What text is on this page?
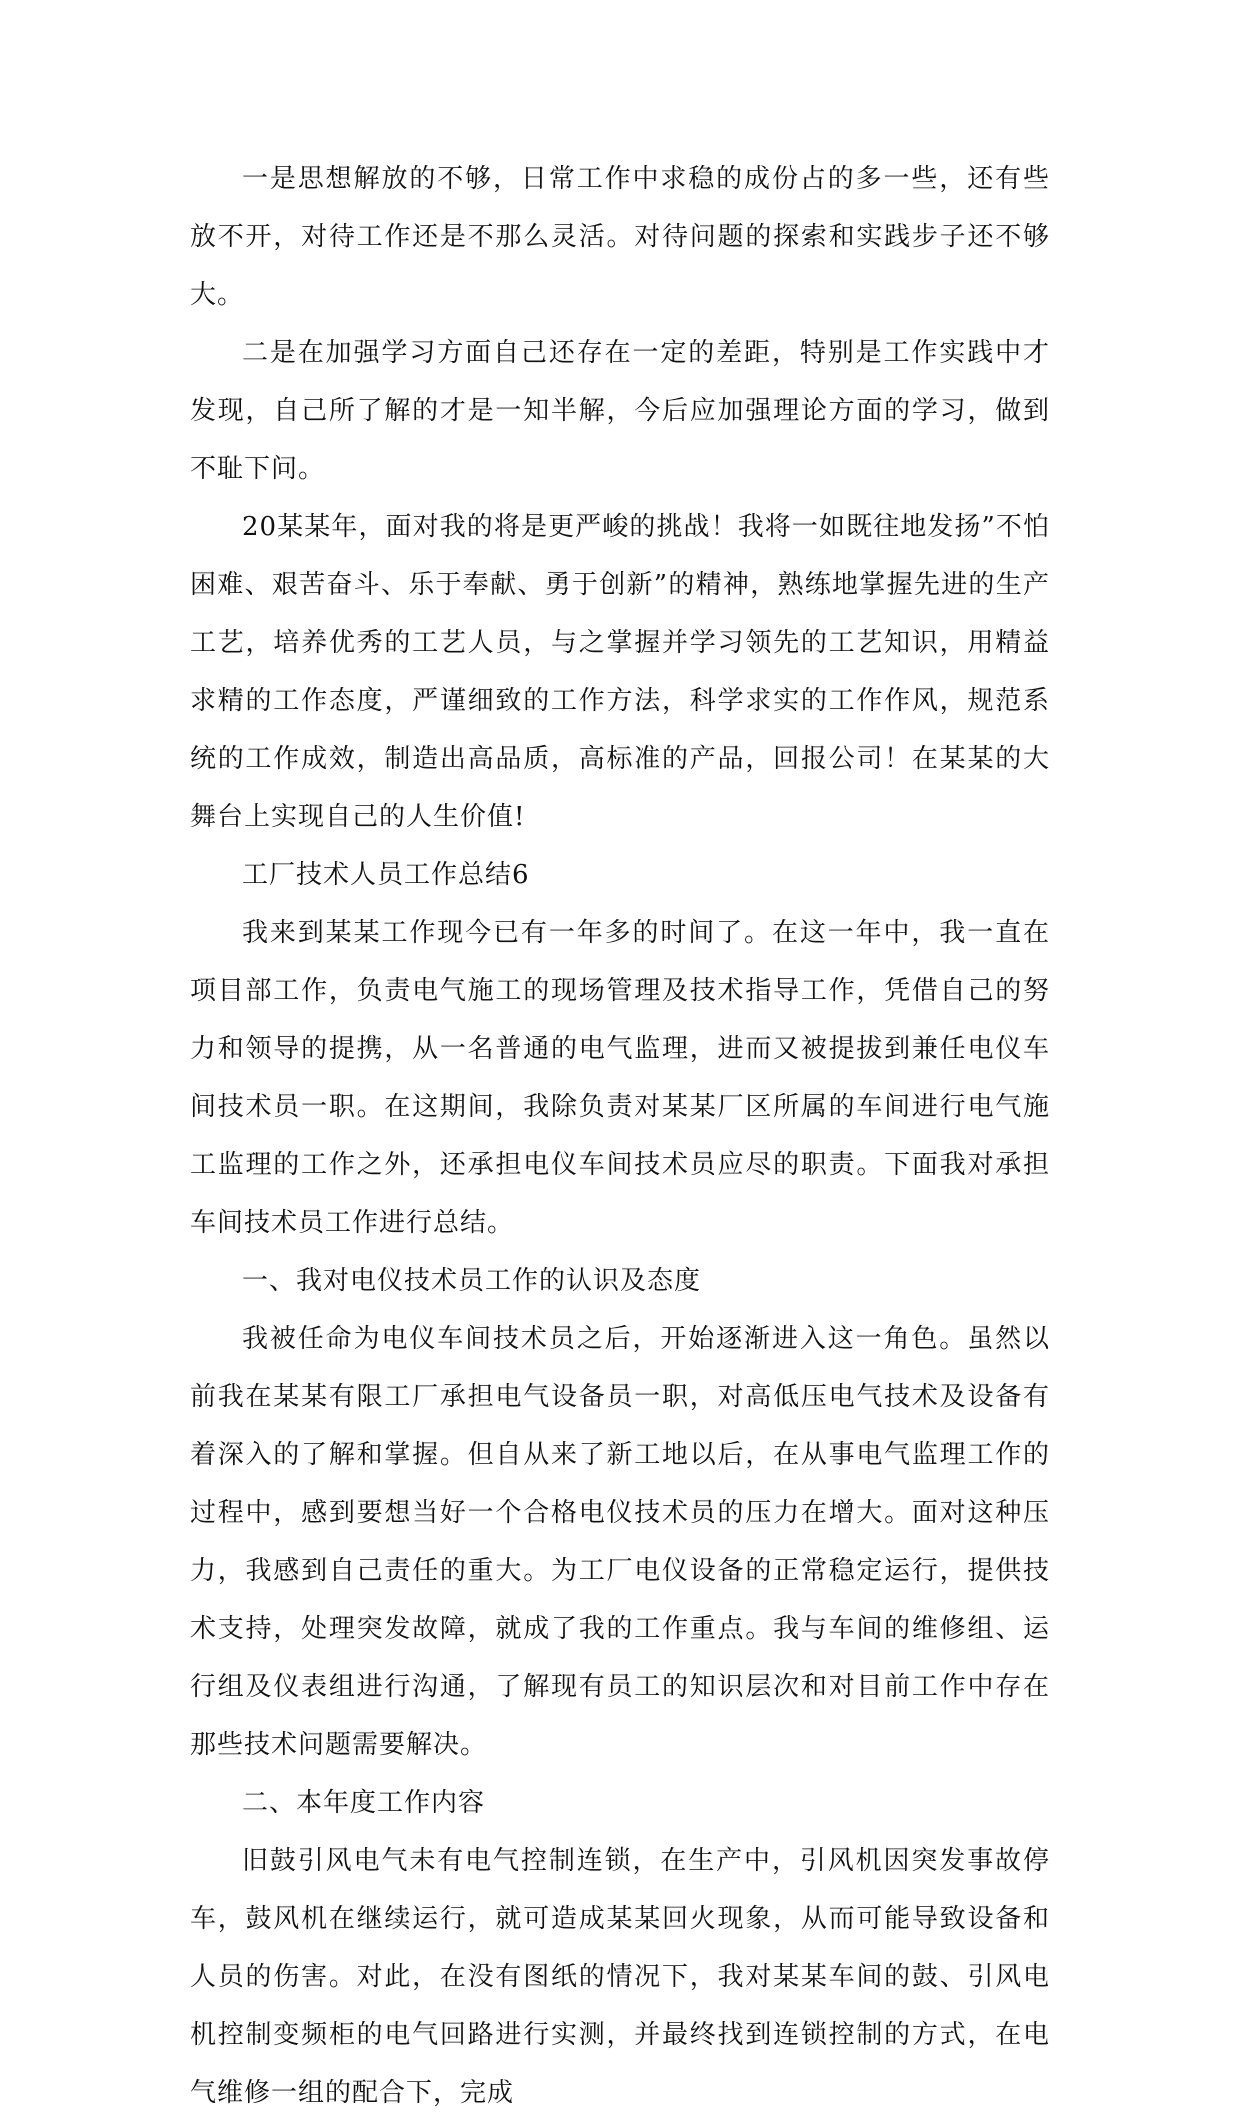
一是思想解放的不够，日常工作中求稳的成份占的多一些，还有些放不开，对待工作还是不那么灵活。对待问题的探索和实践步子还不够大。

二是在加强学习方面自己还存在一定的差距，特别是工作实践中才发现，自己所了解的才是一知半解，今后应加强理论方面的学习，做到不耻下问。

20某某年，面对我的将是更严峻的挑战！我将一如既往地发扬”不怕困难、艰苦奋斗、乐于奉献、勇于创新”的精神，熟练地掌握先进的生产工艺，培养优秀的工艺人员，与之掌握并学习领先的工艺知识，用精益求精的工作态度，严谨细致的工作方法，科学求实的工作作风，规范系统的工作成效，制造出高品质，高标准的产品，回报公司！在某某的大舞台上实现自己的人生价值!

工厂技术人员工作总结6

我来到某某工作现今已有一年多的时间了。在这一年中，我一直在项目部工作，负责电气施工的现场管理及技术指导工作，凭借自己的努力和领导的提携，从一名普通的电气监理，进而又被提拔到兼任电仪车间技术员一职。在这期间，我除负责对某某厂区所属的车间进行电气施工监理的工作之外，还承担电仪车间技术员应尽的职责。下面我对承担车间技术员工作进行总结。

一、我对电仪技术员工作的认识及态度

我被任命为电仪车间技术员之后，开始逐渐进入这一角色。虽然以前我在某某有限工厂承担电气设备员一职，对高低压电气技术及设备有着深入的了解和掌握。但自从来了新工地以后，在从事电气监理工作的过程中，感到要想当好一个合格电仪技术员的压力在增大。面对这种压力，我感到自己责任的重大。为工厂电仪设备的正常稳定运行，提供技术支持，处理突发故障，就成了我的工作重点。我与车间的维修组、运行组及仪表组进行沟通，了解现有员工的知识层次和对目前工作中存在那些技术问题需要解决。

二、本年度工作内容

旧鼓引风电气未有电气控制连锁，在生产中，引风机因突发事故停车，鼓风机在继续运行，就可造成某某回火现象，从而可能导致设备和人员的伤害。对此，在没有图纸的情况下，我对某某车间的鼓、引风电机控制变频柜的电气回路进行实测，并最终找到连锁控制的方式，在电气维修一组的配合下，完成
